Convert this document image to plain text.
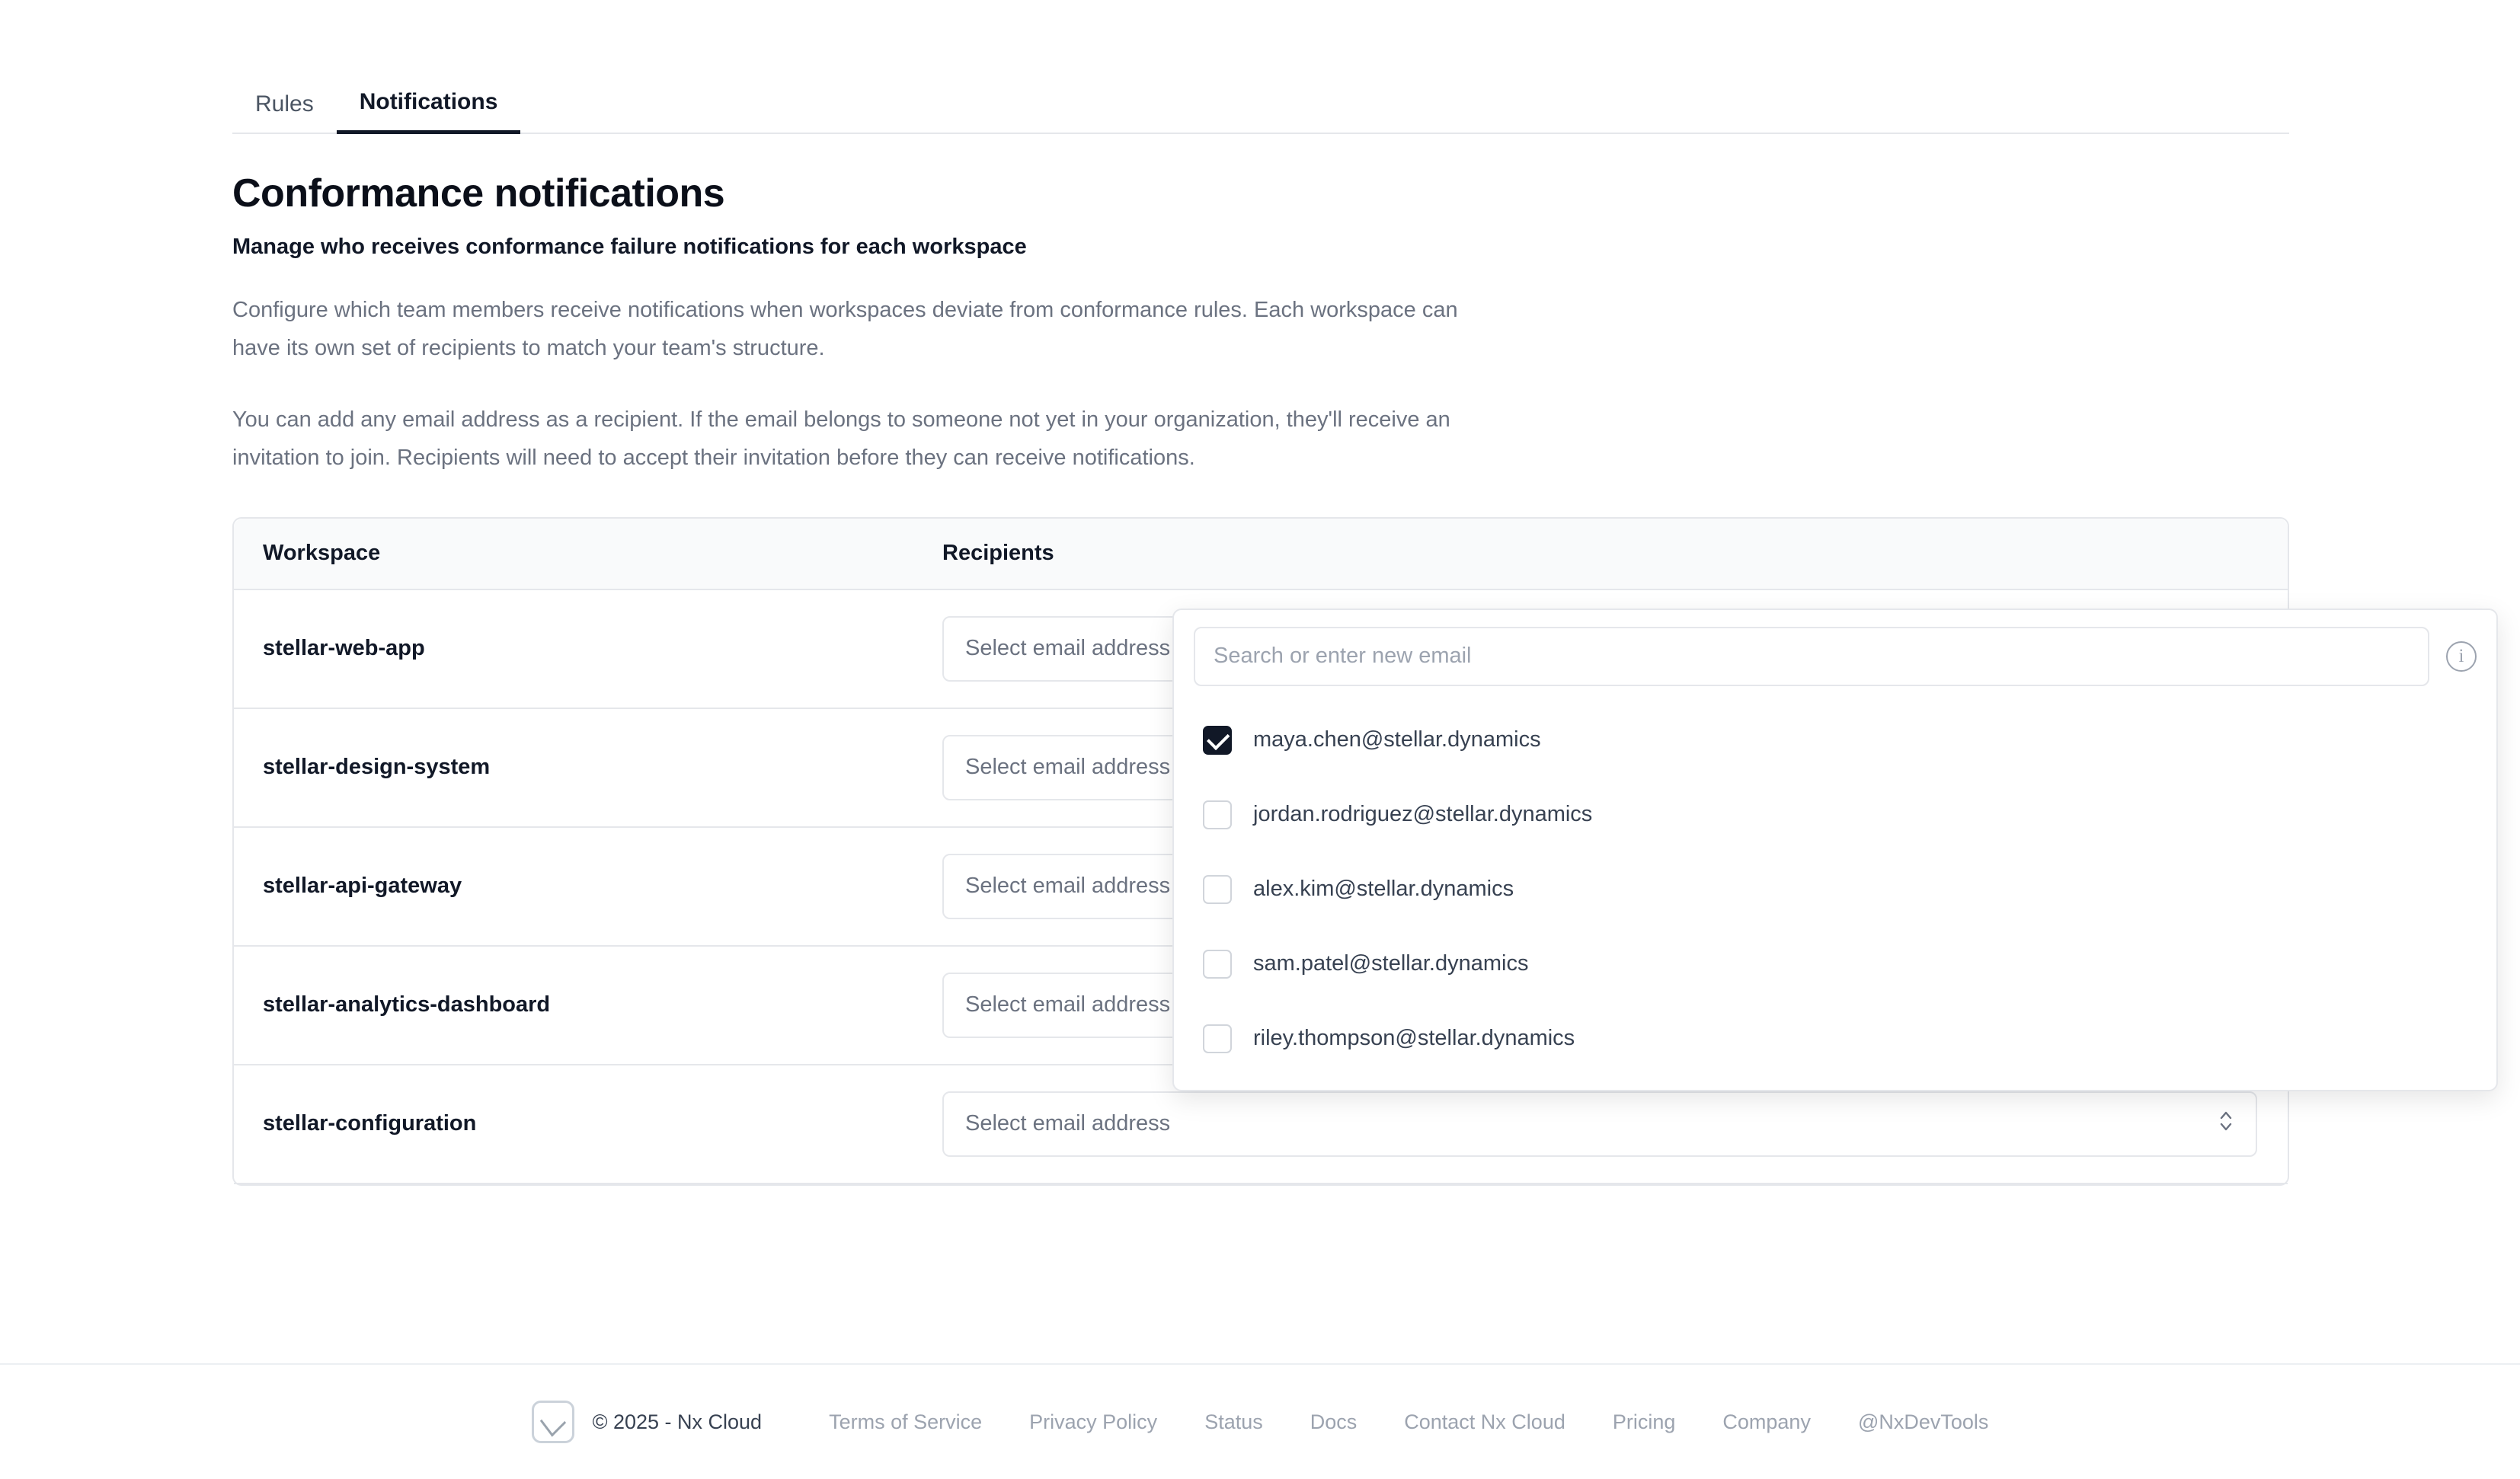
Rules	Notifications
Conformance notifications
Manage who receives conformance failure notifications for each workspace

Configure which team members receive notifications when workspaces deviate from conformance rules. Each workspace can have its own set of recipients to match your team's structure.

You can add any email address as a recipient. If the email belongs to someone not yet in your organization, they'll receive an invitation to join. Recipients will need to accept their invitation before they can receive notifications.

Workspace	Recipients
stellar-web-app	Select email address
stellar-design-system	Select email address
stellar-api-gateway	Select email address
stellar-analytics-dashboard	Select email address
stellar-configuration	Select email address
Search or enter new email
i
maya.chen@stellar.dynamics
jordan.rodriguez@stellar.dynamics
alex.kim@stellar.dynamics
sam.patel@stellar.dynamics
riley.thompson@stellar.dynamics
© 2025 - Nx Cloud	Terms of Service Privacy Policy Status Docs Contact Nx Cloud Pricing Company @NxDevTools
